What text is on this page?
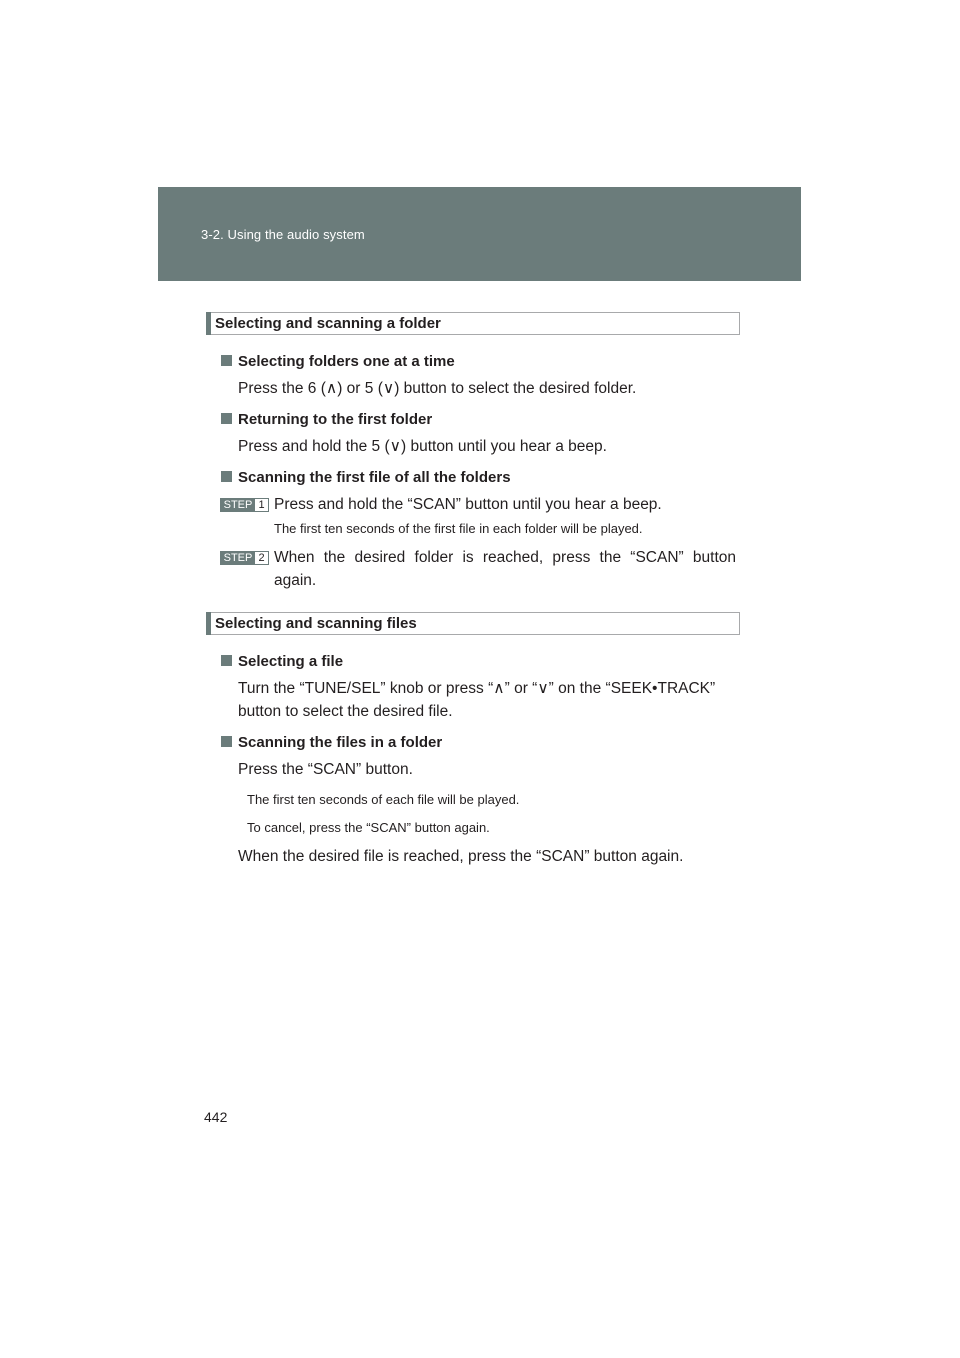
3-2. Using the audio system
Selecting and scanning a folder
Selecting folders one at a time
Press the 6 (∧) or 5 (∨) button to select the desired folder.
Returning to the first folder
Press and hold the 5 (∨) button until you hear a beep.
Scanning the first file of all the folders
STEP 1 Press and hold the “SCAN” button until you hear a beep.
The first ten seconds of the first file in each folder will be played.
STEP 2 When the desired folder is reached, press the “SCAN” button
again.
Selecting and scanning files
Selecting a file
Turn the “TUNE/SEL” knob or press “∧” or “∨” on the “SEEK•TRACK”
button to select the desired file.
Scanning the files in a folder
Press the “SCAN” button.
The first ten seconds of each file will be played.
To cancel, press the “SCAN” button again.
When the desired file is reached, press the “SCAN” button again.
442
